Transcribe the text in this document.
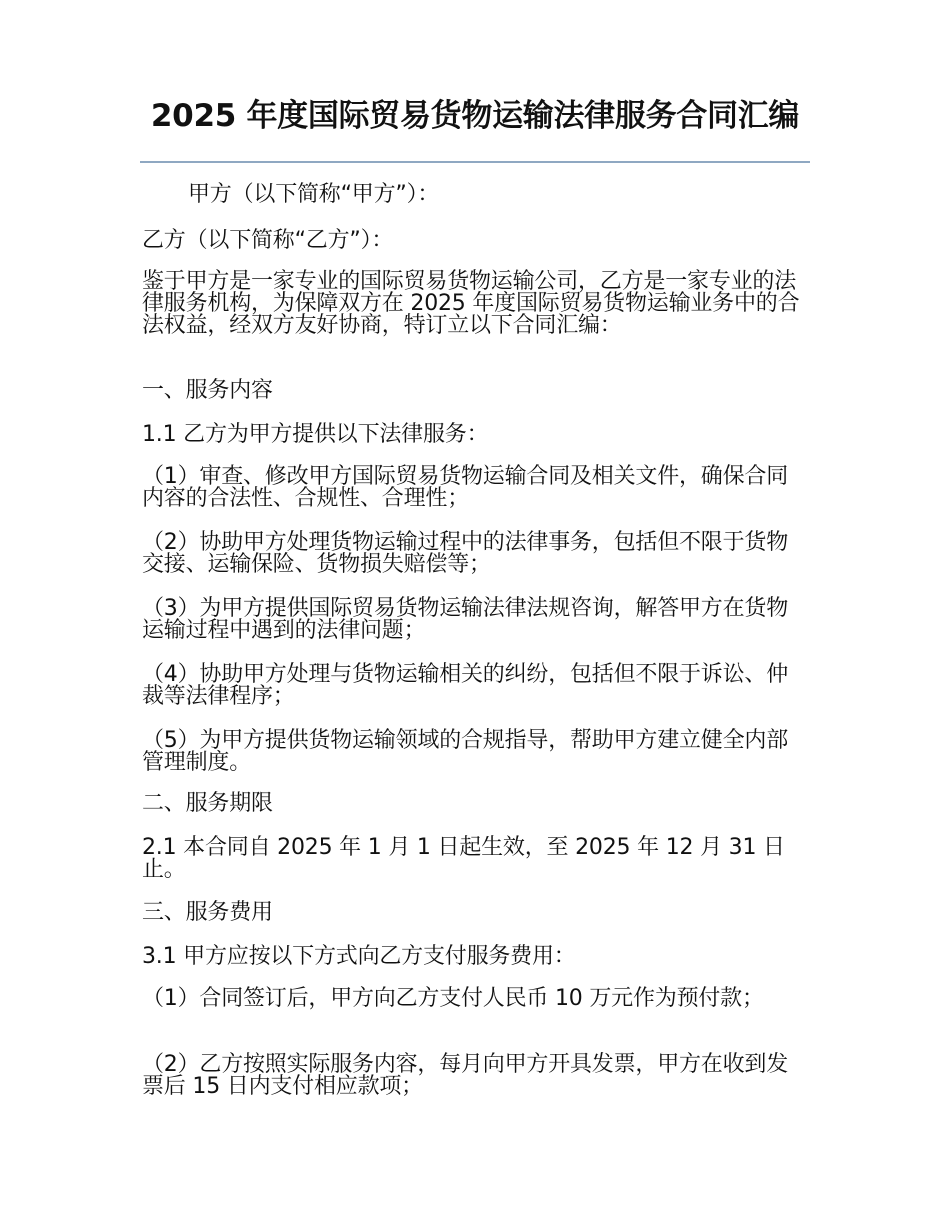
2025 年度国际贸易货物运输法律服务合同汇编
甲方（以下简称“甲方”）：
乙方（以下简称“乙方”）：
鉴于甲方是一家专业的国际贸易货物运输公司，乙方是一家专业的法律服务机构，为保障双方在 2025 年度国际贸易货物运输业务中的合法权益，经双方友好协商，特订立以下合同汇编：
一、服务内容
1.1 乙方为甲方提供以下法律服务：
（1）审查、修改甲方国际贸易货物运输合同及相关文件，确保合同内容的合法性、合规性、合理性；
（2）协助甲方处理货物运输过程中的法律事务，包括但不限于货物交接、运输保险、货物损失赔偿等；
（3）为甲方提供国际贸易货物运输法律法规咨询，解答甲方在货物运输过程中遇到的法律问题；
（4）协助甲方处理与货物运输相关的纠纷，包括但不限于诉讼、仲裁等法律程序；
（5）为甲方提供货物运输领域的合规指导，帮助甲方建立健全内部管理制度。
二、服务期限
2.1 本合同自 2025 年 1 月 1 日起生效，至 2025 年 12 月 31 日止。
三、服务费用
3.1 甲方应按以下方式向乙方支付服务费用：
（1）合同签订后，甲方向乙方支付人民币 10 万元作为预付款；
（2）乙方按照实际服务内容，每月向甲方开具发票，甲方在收到发票后 15 日内支付相应款项；
